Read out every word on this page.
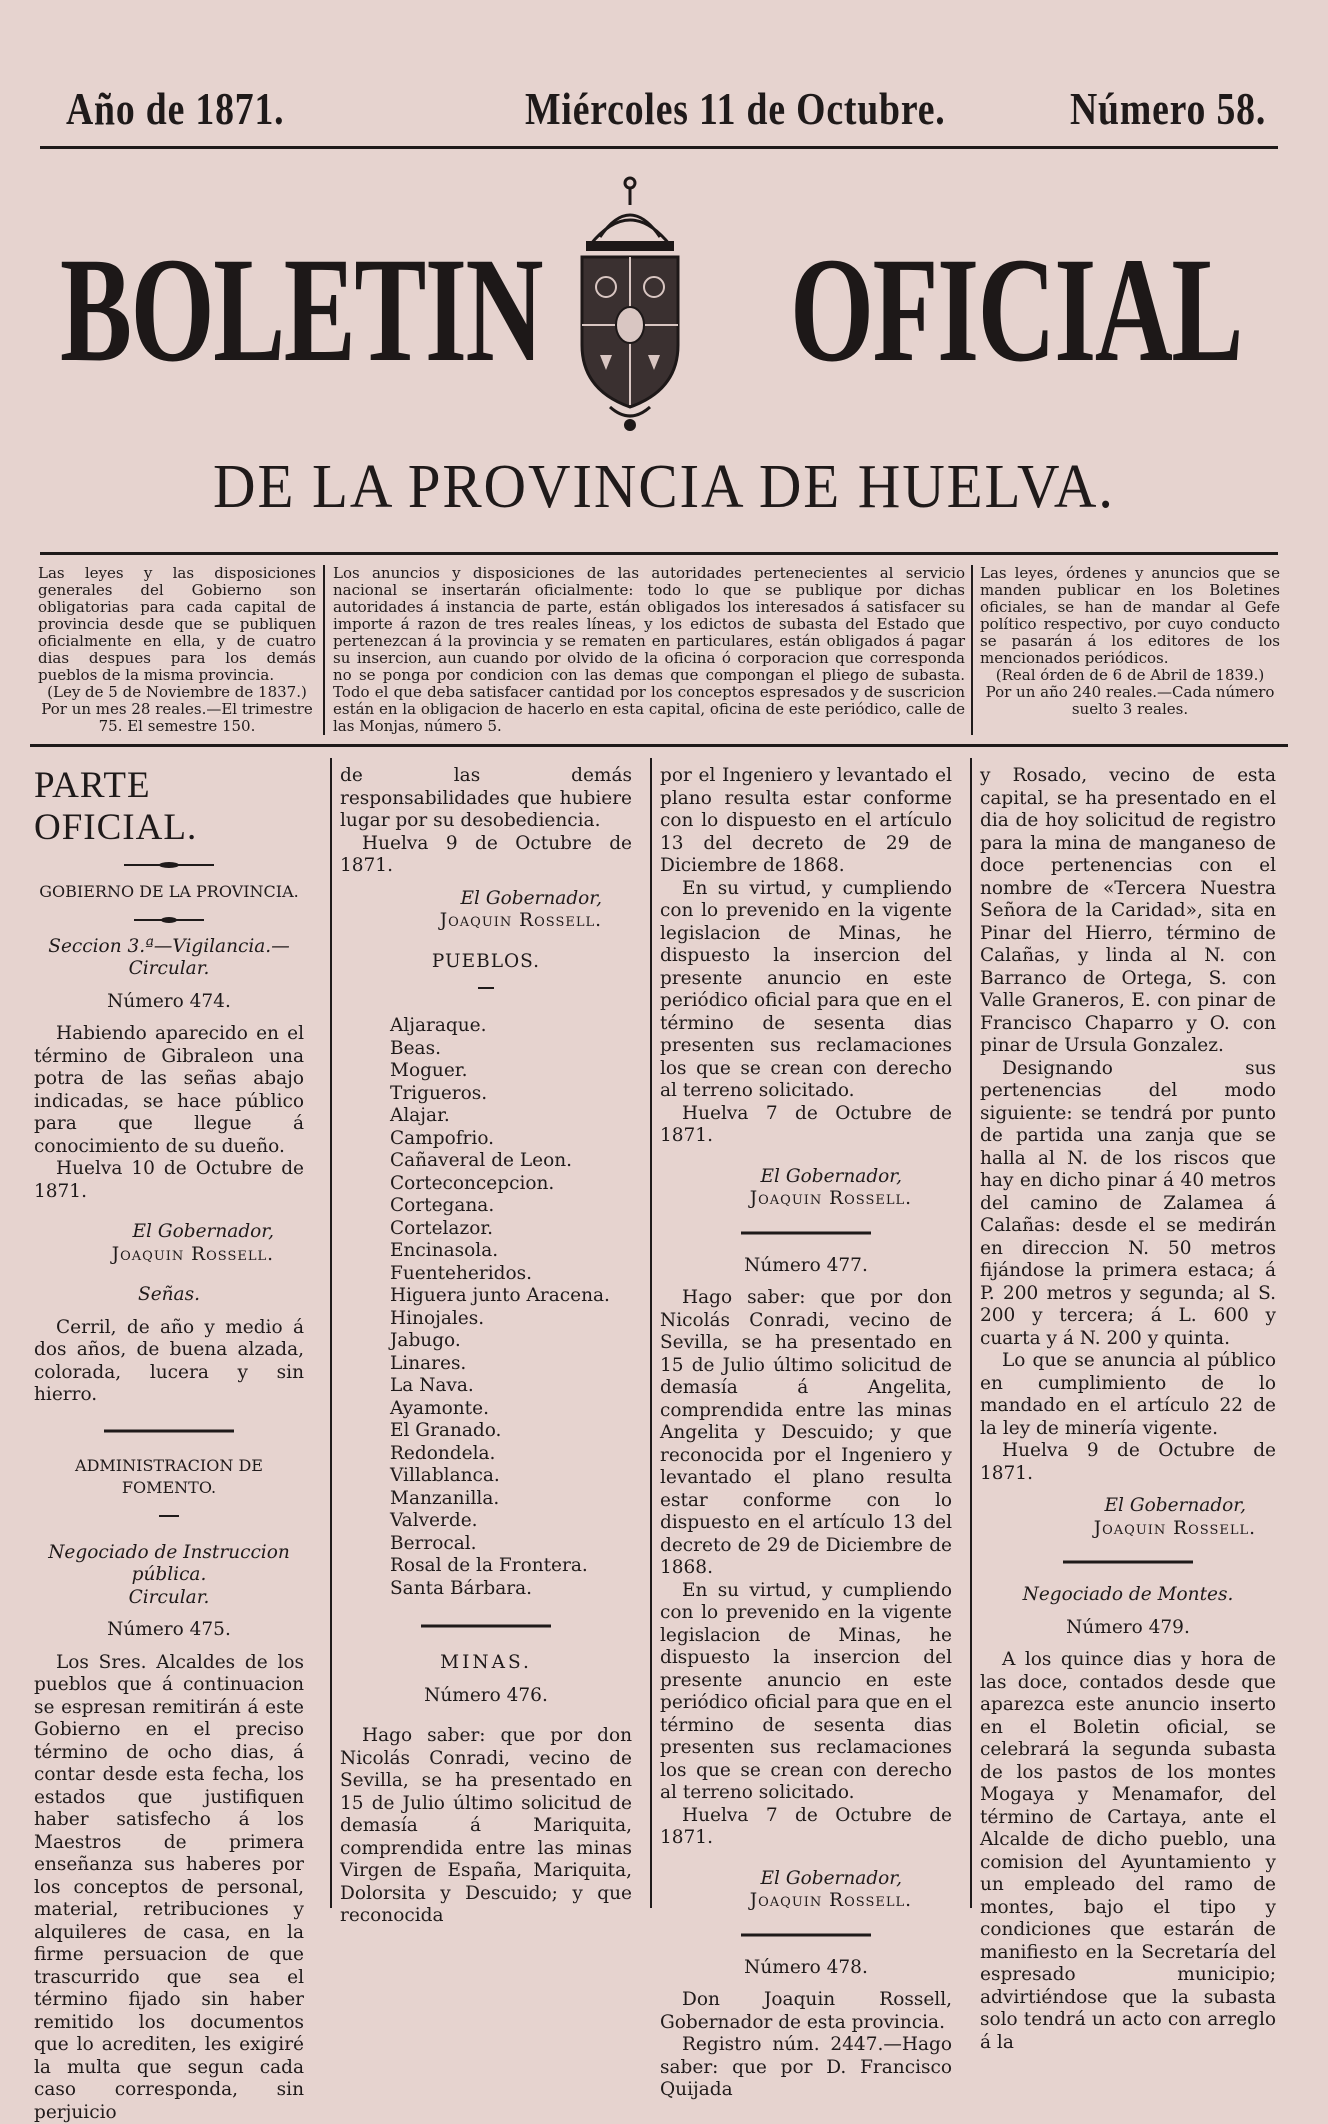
Año de 1871.	Miércoles 11 de Octubre.	Número 58.
BOLETIN OFICIAL
DE LA PROVINCIA DE HUELVA.

Las leyes y las disposiciones generales del Gobierno son obligatorias para cada capital de provincia desde que se publiquen oficialmente en ella, y de cuatro dias despues para los demás pueblos de la misma provincia.

(Ley de 5 de Noviembre de 1837.)

Por un mes 28 reales.—El trimestre 75. El semestre 150.

Los anuncios y disposiciones de las autoridades pertenecientes al servicio nacional se insertarán oficialmente: todo lo que se publique por dichas autoridades á instancia de parte, están obligados los interesados á satisfacer su importe á razon de tres reales líneas, y los edictos de subasta del Estado que pertenezcan á la provincia y se rematen en particulares, están obligados á pagar su insercion, aun cuando por olvido de la oficina ó corporacion que corresponda no se ponga por condicion con las demas que compongan el pliego de subasta. Todo el que deba satisfacer cantidad por los conceptos espresados y de suscricion están en la obligacion de hacerlo en esta capital, oficina de este periódico, calle de las Monjas, número 5.

Las leyes, órdenes y anuncios que se manden publicar en los Boletines oficiales, se han de mandar al Gefe político respectivo, por cuyo conducto se pasarán á los editores de los mencionados periódicos.

(Real órden de 6 de Abril de 1839.)

Por un año 240 reales.—Cada número suelto 3 reales.

PARTE OFICIAL.

GOBIERNO DE LA PROVINCIA.

Seccion 3.ª—Vigilancia.—Circular.

Número 474.

Habiendo aparecido en el término de Gibraleon una potra de las señas abajo indicadas, se hace público para que llegue á conocimiento de su dueño.

Huelva 10 de Octubre de 1871.

El Gobernador,

Joaquin Rossell.

Señas.

Cerril, de año y medio á dos años, de buena alzada, colorada, lucera y sin hierro.

ADMINISTRACION DE FOMENTO.

Negociado de Instruccion pública.

Circular.

Número 475.

Los Sres. Alcaldes de los pueblos que á continuacion se espresan remitirán á este Gobierno en el preciso término de ocho dias, á contar desde esta fecha, los estados que justifiquen haber satisfecho á los Maestros de primera enseñanza sus haberes por los conceptos de personal, material, retribuciones y alquileres de casa, en la firme persuacion de que trascurrido que sea el término fijado sin haber remitido los documentos que lo acrediten, les exigiré la multa que segun cada caso corresponda, sin perjuicio

de las demás responsabilidades que hubiere lugar por su desobediencia.

Huelva 9 de Octubre de 1871.

El Gobernador,

Joaquin Rossell.

PUEBLOS.

Aljaraque.

Beas.

Moguer.

Trigueros.

Alajar.

Campofrio.

Cañaveral de Leon.

Corteconcepcion.

Cortegana.

Cortelazor.

Encinasola.

Fuenteheridos.

Higuera junto Aracena.

Hinojales.

Jabugo.

Linares.

La Nava.

Ayamonte.

El Granado.

Redondela.

Villablanca.

Manzanilla.

Valverde.

Berrocal.

Rosal de la Frontera.

Santa Bárbara.

MINAS.

Número 476.

Hago saber: que por don Nicolás Conradi, vecino de Sevilla, se ha presentado en 15 de Julio último solicitud de demasía á Mariquita, comprendida entre las minas Virgen de España, Mariquita, Dolorsita y Descuido; y que reconocida

por el Ingeniero y levantado el plano resulta estar conforme con lo dispuesto en el artículo 13 del decreto de 29 de Diciembre de 1868.

En su virtud, y cumpliendo con lo prevenido en la vigente legislacion de Minas, he dispuesto la insercion del presente anuncio en este periódico oficial para que en el término de sesenta dias presenten sus reclamaciones los que se crean con derecho al terreno solicitado.

Huelva 7 de Octubre de 1871.

El Gobernador,

Joaquin Rossell.

Número 477.

Hago saber: que por don Nicolás Conradi, vecino de Sevilla, se ha presentado en 15 de Julio último solicitud de demasía á Angelita, comprendida entre las minas Angelita y Descuido; y que reconocida por el Ingeniero y levantado el plano resulta estar conforme con lo dispuesto en el artículo 13 del decreto de 29 de Diciembre de 1868.

En su virtud, y cumpliendo con lo prevenido en la vigente legislacion de Minas, he dispuesto la insercion del presente anuncio en este periódico oficial para que en el término de sesenta dias presenten sus reclamaciones los que se crean con derecho al terreno solicitado.

Huelva 7 de Octubre de 1871.

El Gobernador,

Joaquin Rossell.

Número 478.

Don Joaquin Rossell, Gobernador de esta provincia.

Registro núm. 2447.—Hago saber: que por D. Francisco Quijada

y Rosado, vecino de esta capital, se ha presentado en el dia de hoy solicitud de registro para la mina de manganeso de doce pertenencias con el nombre de «Tercera Nuestra Señora de la Caridad», sita en Pinar del Hierro, término de Calañas, y linda al N. con Barranco de Ortega, S. con Valle Graneros, E. con pinar de Francisco Chaparro y O. con pinar de Ursula Gonzalez.

Designando sus pertenencias del modo siguiente: se tendrá por punto de partida una zanja que se halla al N. de los riscos que hay en dicho pinar á 40 metros del camino de Zalamea á Calañas: desde el se medirán en direccion N. 50 metros fijándose la primera estaca; á P. 200 metros y segunda; al S. 200 y tercera; á L. 600 y cuarta y á N. 200 y quinta.

Lo que se anuncia al público en cumplimiento de lo mandado en el artículo 22 de la ley de minería vigente.

Huelva 9 de Octubre de 1871.

El Gobernador,

Joaquin Rossell.

Negociado de Montes.

Número 479.

A los quince dias y hora de las doce, contados desde que aparezca este anuncio inserto en el Boletin oficial, se celebrará la segunda subasta de los pastos de los montes Mogaya y Menamafor, del término de Cartaya, ante el Alcalde de dicho pueblo, una comision del Ayuntamiento y un empleado del ramo de montes, bajo el tipo y condiciones que estarán de manifiesto en la Secretaría del espresado municipio; advirtiéndose que la subasta solo tendrá un acto con arreglo á la
